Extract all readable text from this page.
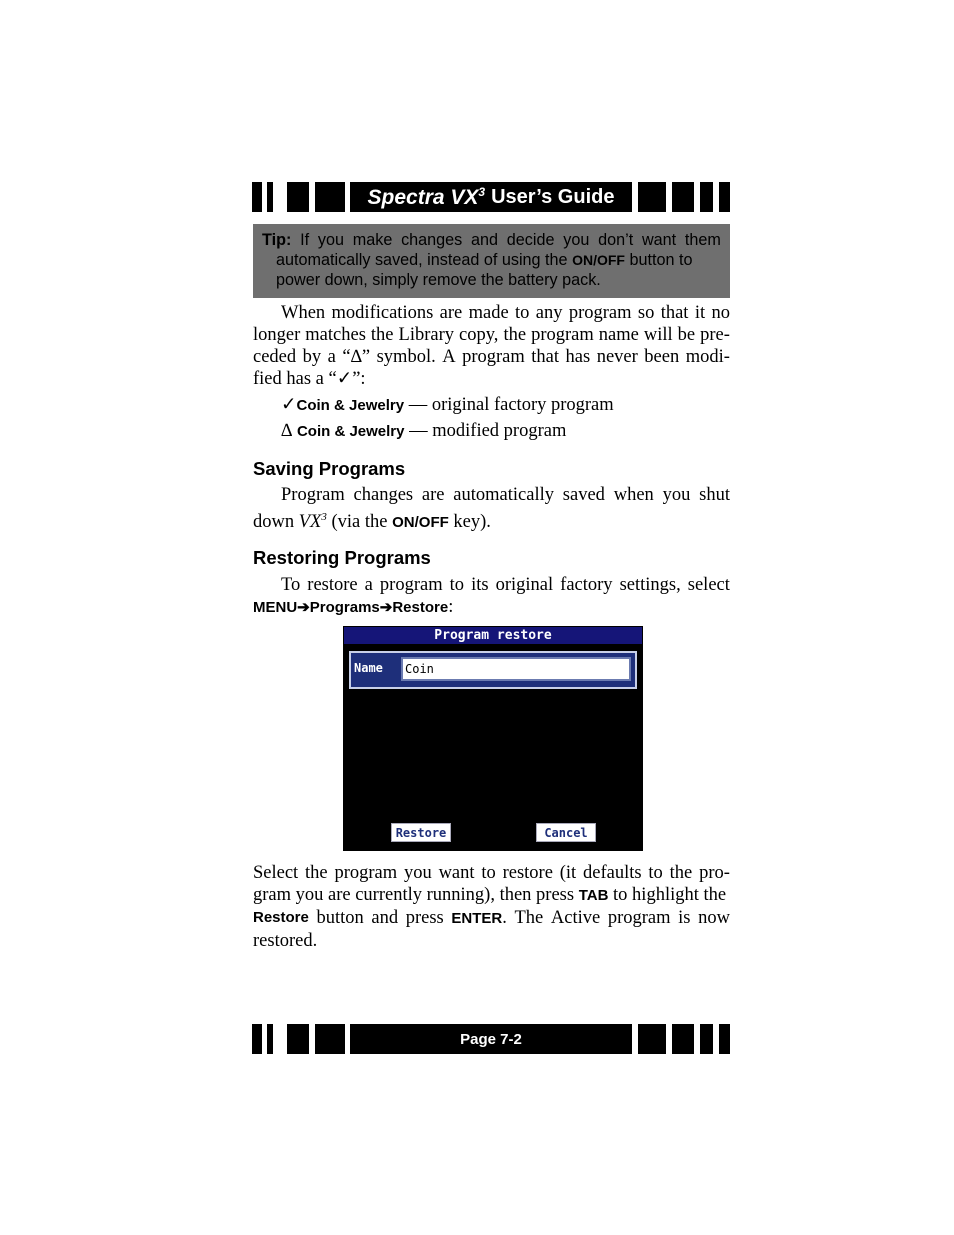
Spectra $VX^3$ User’s Guide
Tip: If you make changes and decide you don’t want them
automatically saved, instead of using the ON/OFF button to
power down, simply remove the battery pack.
When modifications are made to any program so that it no
longer matches the Library copy, the program name will be pre-
ceded by a “∆” symbol. A program that has never been modi-
fied has a “✓”:
✓Coin & Jewelry — original factory program
∆ Coin & Jewelry — modified program
Saving Programs
Program changes are automatically saved when you shut
down $VX^3$ (via the ON/OFF key).
Restoring Programs
To restore a program to its original factory settings, select
MENU➔Programs➔Restore:
Program restore
Name	Coin
Restore	Cancel
Select the program you want to restore (it defaults to the pro-
gram you are currently running), then press TAB to highlight the
Restore button and press ENTER. The Active program is now
restored.
Page 7-2
